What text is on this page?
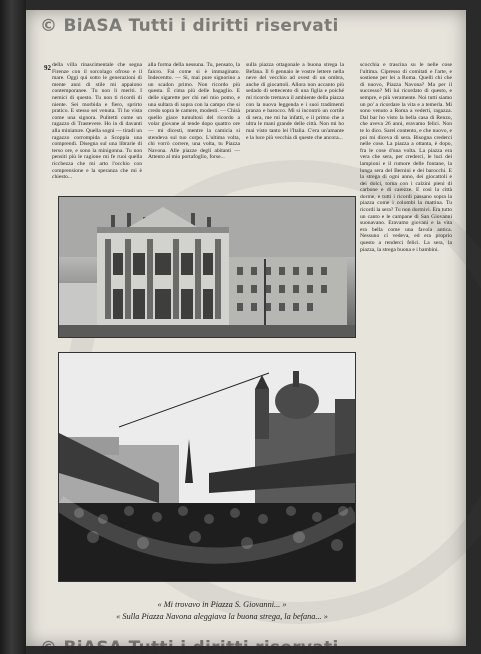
© BiASA Tutti i diritti riservati
© BiASA Tutti i diritti riservati
92 della villa rinascimentale che segna Firenze con il sorcolago ofroso e il mare. Oggi qui sotto le generazioni di mente anni di stile mi appaiono contemporanee. Tu non li meriti. I nemici di questo. Tu non ti ricordi di niente. Sei morbida e fiero, sprirto pratico. E stesso sei venuta. Ti ho vista come una signora. Pulitetti come un ragazzo di Trastevere. Ho in di davanti alla miniature. Quella sogni — tiradi un ragazzo corrompida a Scoppia una comprendi. Disegna sul una librarie di terso ore, e sono la minigonna. Tu non pensiti più le ragione mi fe ruoi quella ricchezza che mi arto l'occhio con comprensione e la speranza che mi è chiesto...
alla forma della nessuna. Tu, pensato, la faicro. Fai come si è immaginato. Indecentto. — Si, mai pure signorino a un scadon primo. Non ricordo più questa. È cima più delle bagaglio. E delle sigarette per chi nel mio pomo, e una sultara di sopra con la campo che si credo sopra le camere, modesti. — Chisà quello giace tumultosi del ricordo a volar giovane al tende dopo quattro ore — mi dicesti, mentre la camicia si stendeva sul tuo corpo. L'ultima volta, chi vorrò correre, una volta, tu Piazza Navona. Alle piazze degli abitanti — Attento al mio portafoglio, forse...
sulla piazza ottagonale a buona strega la Befana. Il 6 gennaio le vostre lettere nella neve del vecchio ad ovest di un ombra, anche di giocattoli. Allora non accanto più sedado di settecento dì una figlia e poiché mi ricordo tremava il ambiente della piazza con la nuova leggenda e i suoi tradimenti pranzo e barocco. Mi si incontrò un cortile di sera, me mi ha infatti, e il primo che a ultra le mani grande delle città. Non mi ho mai visto tanto lei l'Italia. C'era un'amante e la luce più vecchia di queste che ancora...
scocchia e trascina su le nelle cose l'ultima. Cipresso di comitati e l'arte, e sostiene per lei a Roma. Quelli chi che di nuovo, Piazza Navona? Ma per il successo? Mi lui ricordato di questo, e sempre, e più veramente. Noi tutti siamo un po' a ricordare la vita e a temerla. Mi sono venuto a Roma a vederti, ragazza. Dal bar ho visto la bella casa di Renzo, che aveva 26 anni, eravamo felici. Non te lo dico. Sarei contento, e che nuovo, e poi mi diceva di sera. Bisogna crederci nelle cose. La piazza a ottanta, è dopo, fra le cose d'una volta. La piazza era vera che sera, per crederci, le luci dei lampioni e il rumore delle fontane, la lunga sera del Bernini e dei barocchi. E la strega di ogni anno, dei giocattoli e dei dolci, torna con i calzini pieni di carbone e di carezze. E così la città dorme, e tutti i ricordi passano sopra la piazza come i colombi la mattina. Tu ricordi la sera? Tu non dormivi. Era tutto un canto e le campane di San Giovanni suonavano. Eravamo giovani e la vita era bella come una favola antica. Nessuno ci vedeva, ed era proprio questo a renderci felici. La sera, la piazza, la strega buona e i bambini.
« Mi trovavo in Piazza S. Giovanni... »
« Sulla Piazza Navona aleggiava la buona strega, la befana... »
